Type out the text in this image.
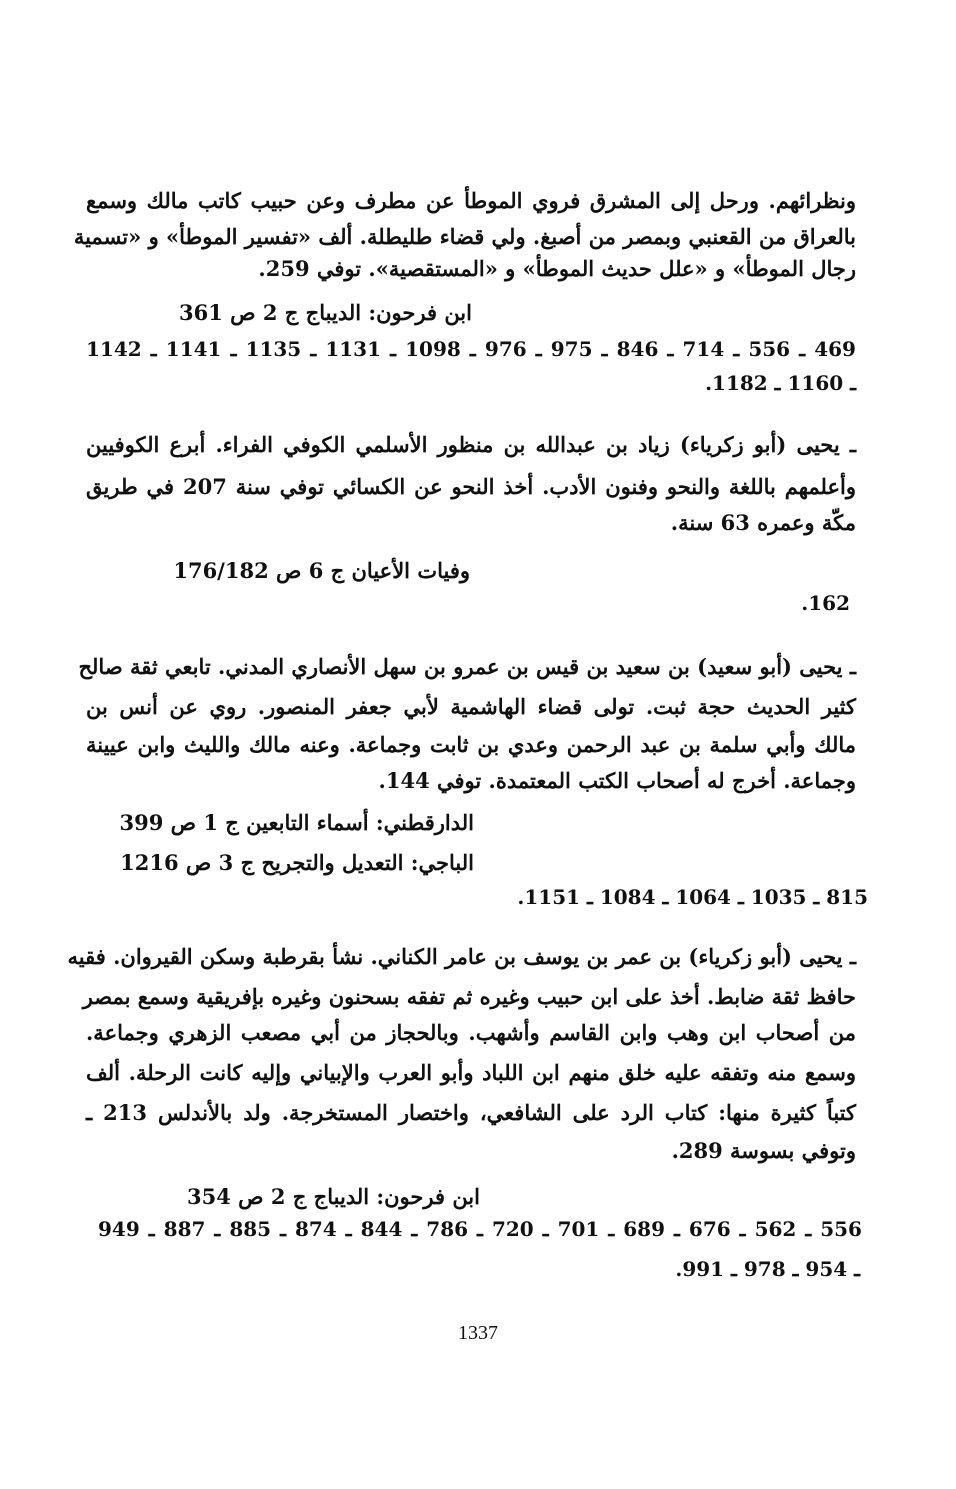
ونظرائهم. ورحل إلى المشرق فروي الموطأ عن مطرف وعن حبيب كاتب مالك وسمع
بالعراق من القعنبي وبمصر من أصبغ. ولي قضاء طليطلة. ألف «تفسير الموطأ» و «تسمية
رجال الموطأ» و «علل حديث الموطأ» و «المستقصية». توفي 259.
ابن فرحون: الديباج ج 2 ص 361
469 ـ 556 ـ 714 ـ 846 ـ 975 ـ 976 ـ 1098 ـ 1131 ـ 1135 ـ 1141 ـ 1142
ـ 1160 ـ 1182.
ـ يحيى (أبو زكرياء) زياد بن عبدالله بن منظور الأسلمي الكوفي الفراء. أبرع الكوفيين
وأعلمهم باللغة والنحو وفنون الأدب. أخذ النحو عن الكسائي توفي سنة 207 في طريق
مكّة وعمره 63 سنة.
وفيات الأعيان ج 6 ص 176/182
162.
ـ يحيى (أبو سعيد) بن سعيد بن قيس بن عمرو بن سهل الأنصاري المدني. تابعي ثقة صالح
كثير الحديث حجة ثبت. تولى قضاء الهاشمية لأبي جعفر المنصور. روي عن أنس بن
مالك وأبي سلمة بن عبد الرحمن وعدي بن ثابت وجماعة. وعنه مالك والليث وابن عيينة
وجماعة. أخرج له أصحاب الكتب المعتمدة. توفي 144.
الدارقطني: أسماء التابعين ج 1 ص 399
الباجي: التعديل والتجريح ج 3 ص 1216
815 ـ 1035 ـ 1064 ـ 1084 ـ 1151.
ـ يحيى (أبو زكرياء) بن عمر بن يوسف بن عامر الكناني. نشأ بقرطبة وسكن القيروان. فقيه
حافظ ثقة ضابط. أخذ على ابن حبيب وغيره ثم تفقه بسحنون وغيره بإفريقية وسمع بمصر
من أصحاب ابن وهب وابن القاسم وأشهب. وبالحجاز من أبي مصعب الزهري وجماعة.
وسمع منه وتفقه عليه خلق منهم ابن اللباد وأبو العرب والإبياني وإليه كانت الرحلة. ألف
كتباً كثيرة منها: كتاب الرد على الشافعي، واختصار المستخرجة. ولد بالأندلس 213 ـ
وتوفي بسوسة 289.
ابن فرحون: الديباج ج 2 ص 354
556 ـ 562 ـ 676 ـ 689 ـ 701 ـ 720 ـ 786 ـ 844 ـ 874 ـ 885 ـ 887 ـ 949
ـ 954 ـ 978 ـ 991.
1337
